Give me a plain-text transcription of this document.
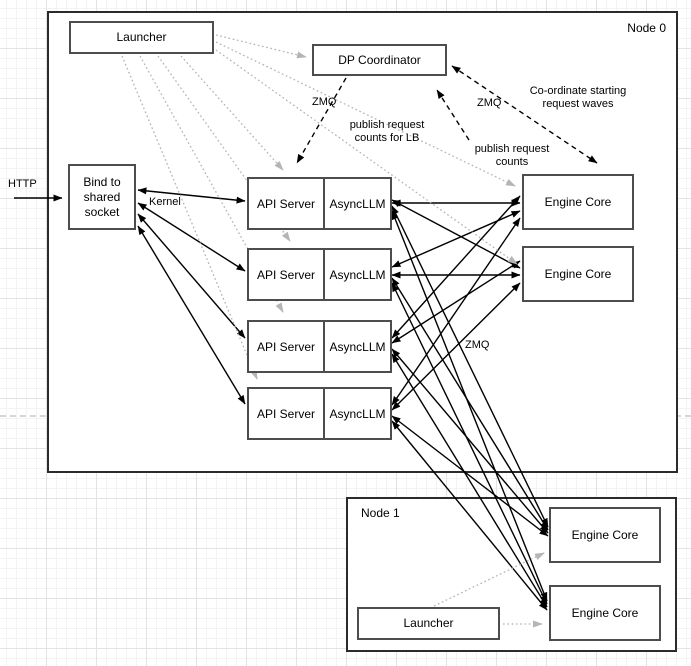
Node 0
Node 1
Launcher
DP Coordinator
Bind to shared socket
API Server AsyncLLM
API Server AsyncLLM
API Server AsyncLLM
API Server AsyncLLM
Engine Core
Engine Core
Engine Core
Engine Core
Launcher
HTTP
Kernel
ZMQ	ZMQ
ZMQ
publish request counts for LB
publish request counts
Co-ordinate starting request waves
